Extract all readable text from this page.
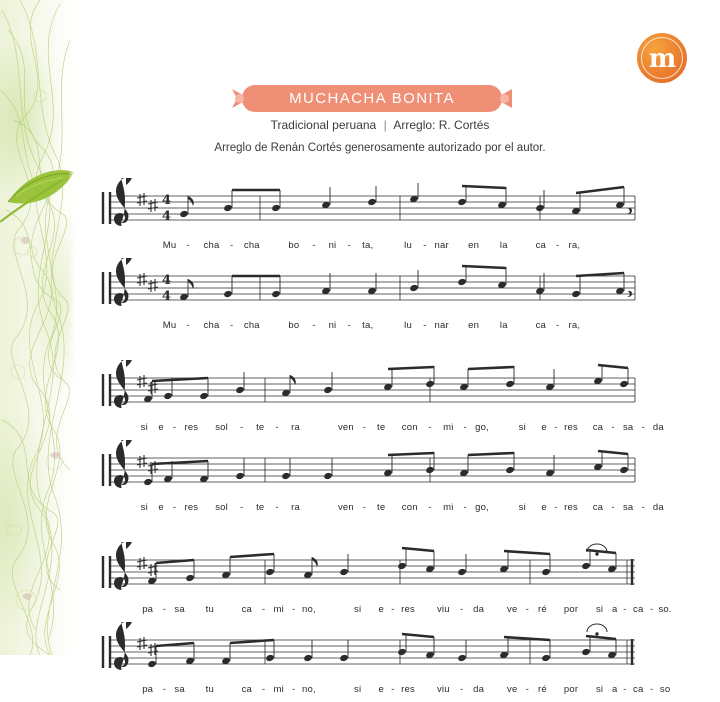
m
MUCHACHA BONITA
Tradicional peruana | Arreglo: R. Cortés
Arreglo de Renán Cortés generosamente autorizado por el autor.
4
4
Mu - cha - cha	bo - ni - ta,	lu - nar en la	ca - ra,
4
4
Mu - cha - cha	bo - ni - ta,	lu - nar en la	ca - ra,
si e - res sol - te - ra	ven - te con - mi - go,	si e - res ca - sa - da
si e - res sol - te - ra	ven - te con - mi - go,	si e - res ca - sa - da
pa - sa tu	ca - mi - no,	si e - res viu - da ve - ré por si a - ca - so.
pa - sa tu	ca - mi - no,	si e - res viu - da ve - ré por si a - ca - so
